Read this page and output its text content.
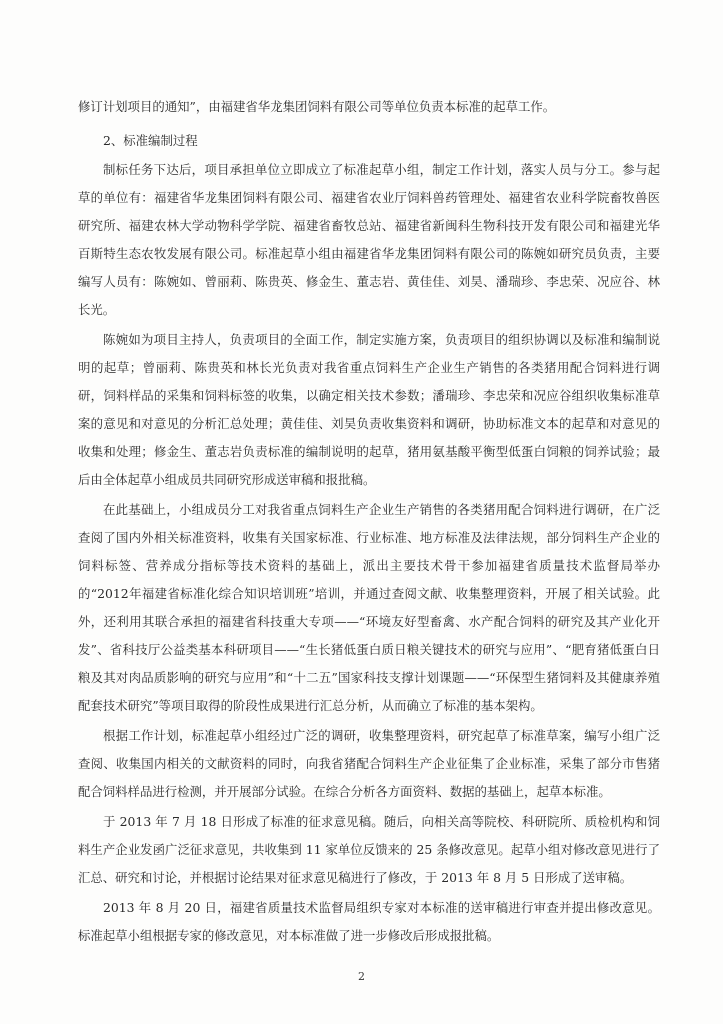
修订计划项目的通知”，由福建省华龙集团饲料有限公司等单位负责本标准的起草工作。

2、标准编制过程

制标任务下达后，项目承担单位立即成立了标准起草小组，制定工作计划，落实人员与分工。参与起草的单位有：福建省华龙集团饲料有限公司、福建省农业厅饲料兽药管理处、福建省农业科学院畜牧兽医研究所、福建农林大学动物科学学院、福建省畜牧总站、福建省新闽科生物科技开发有限公司和福建光华百斯特生态农牧发展有限公司。标准起草小组由福建省华龙集团饲料有限公司的陈婉如研究员负责，主要编写人员有：陈婉如、曾丽莉、陈贵英、修金生、董志岩、黄佳佳、刘昊、潘瑞珍、李忠荣、况应谷、林长光。

陈婉如为项目主持人，负责项目的全面工作，制定实施方案，负责项目的组织协调以及标准和编制说明的起草；曾丽莉、陈贵英和林长光负责对我省重点饲料生产企业生产销售的各类猪用配合饲料进行调研，饲料样品的采集和饲料标签的收集，以确定相关技术参数；潘瑞珍、李忠荣和况应谷组织收集标准草案的意见和对意见的分析汇总处理；黄佳佳、刘昊负责收集资料和调研，协助标准文本的起草和对意见的收集和处理；修金生、董志岩负责标准的编制说明的起草，猪用氨基酸平衡型低蛋白饲粮的饲养试验；最后由全体起草小组成员共同研究形成送审稿和报批稿。

在此基础上，小组成员分工对我省重点饲料生产企业生产销售的各类猪用配合饲料进行调研，在广泛查阅了国内外相关标准资料，收集有关国家标准、行业标准、地方标准及法律法规，部分饲料生产企业的饲料标签、营养成分指标等技术资料的基础上，派出主要技术骨干参加福建省质量技术监督局举办的“2012年福建省标准化综合知识培训班”培训，并通过查阅文献、收集整理资料，开展了相关试验。此外，还利用其联合承担的福建省科技重大专项——“环境友好型畜禽、水产配合饲料的研究及其产业化开发”、省科技厅公益类基本科研项目——“生长猪低蛋白质日粮关键技术的研究与应用”、“肥育猪低蛋白日粮及其对肉品质影响的研究与应用”和“十二五”国家科技支撑计划课题——“环保型生猪饲料及其健康养殖配套技术研究”等项目取得的阶段性成果进行汇总分析，从而确立了标准的基本架构。

根据工作计划，标准起草小组经过广泛的调研，收集整理资料，研究起草了标准草案，编写小组广泛查阅、收集国内相关的文献资料的同时，向我省猪配合饲料生产企业征集了企业标准，采集了部分市售猪配合饲料样品进行检测，并开展部分试验。在综合分析各方面资料、数据的基础上，起草本标准。

于 2013 年 7 月 18 日形成了标准的征求意见稿。随后，向相关高等院校、科研院所、质检机构和饲料生产企业发函广泛征求意见，共收集到 11 家单位反馈来的 25 条修改意见。起草小组对修改意见进行了汇总、研究和讨论，并根据讨论结果对征求意见稿进行了修改，于 2013 年 8 月 5 日形成了送审稿。

2013 年 8 月 20 日，福建省质量技术监督局组织专家对本标准的送审稿进行审查并提出修改意见。标准起草小组根据专家的修改意见，对本标准做了进一步修改后形成报批稿。

2
